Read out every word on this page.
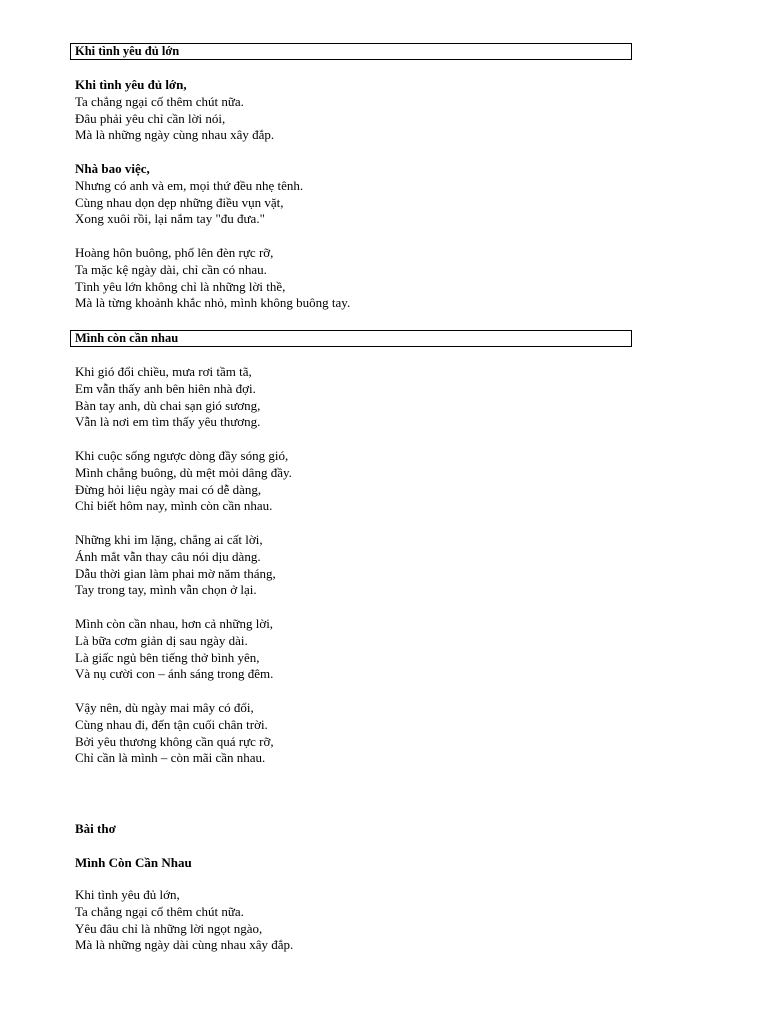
Khi tình yêu đủ lớn
Khi tình yêu đủ lớn,
Ta chẳng ngại cố thêm chút nữa.
Đâu phải yêu chỉ cần lời nói,
Mà là những ngày cùng nhau xây đắp.
Nhà bao việc,
Nhưng có anh và em, mọi thứ đều nhẹ tênh.
Cùng nhau dọn dẹp những điều vụn vặt,
Xong xuôi rồi, lại nắm tay "đu đưa."
Hoàng hôn buông, phố lên đèn rực rỡ,
Ta mặc kệ ngày dài, chỉ cần có nhau.
Tình yêu lớn không chỉ là những lời thề,
Mà là từng khoảnh khắc nhỏ, mình không buông tay.
Mình còn cần nhau
Khi gió đổi chiều, mưa rơi tầm tã,
Em vẫn thấy anh bên hiên nhà đợi.
Bàn tay anh, dù chai sạn gió sương,
Vẫn là nơi em tìm thấy yêu thương.
Khi cuộc sống ngược dòng đầy sóng gió,
Mình chẳng buông, dù mệt mỏi dâng đầy.
Đừng hỏi liệu ngày mai có dễ dàng,
Chỉ biết hôm nay, mình còn cần nhau.
Những khi im lặng, chẳng ai cất lời,
Ánh mắt vẫn thay câu nói dịu dàng.
Dẫu thời gian làm phai mờ năm tháng,
Tay trong tay, mình vẫn chọn ở lại.
Mình còn cần nhau, hơn cả những lời,
Là bữa cơm giản dị sau ngày dài.
Là giấc ngủ bên tiếng thở bình yên,
Và nụ cười con – ánh sáng trong đêm.
Vậy nên, dù ngày mai mây có đổi,
Cùng nhau đi, đến tận cuối chân trời.
Bởi yêu thương không cần quá rực rỡ,
Chỉ cần là mình – còn mãi cần nhau.
Bài thơ
Mình Còn Cần Nhau
Khi tình yêu đủ lớn,
Ta chẳng ngại cố thêm chút nữa.
Yêu đâu chỉ là những lời ngọt ngào,
Mà là những ngày dài cùng nhau xây đắp.
